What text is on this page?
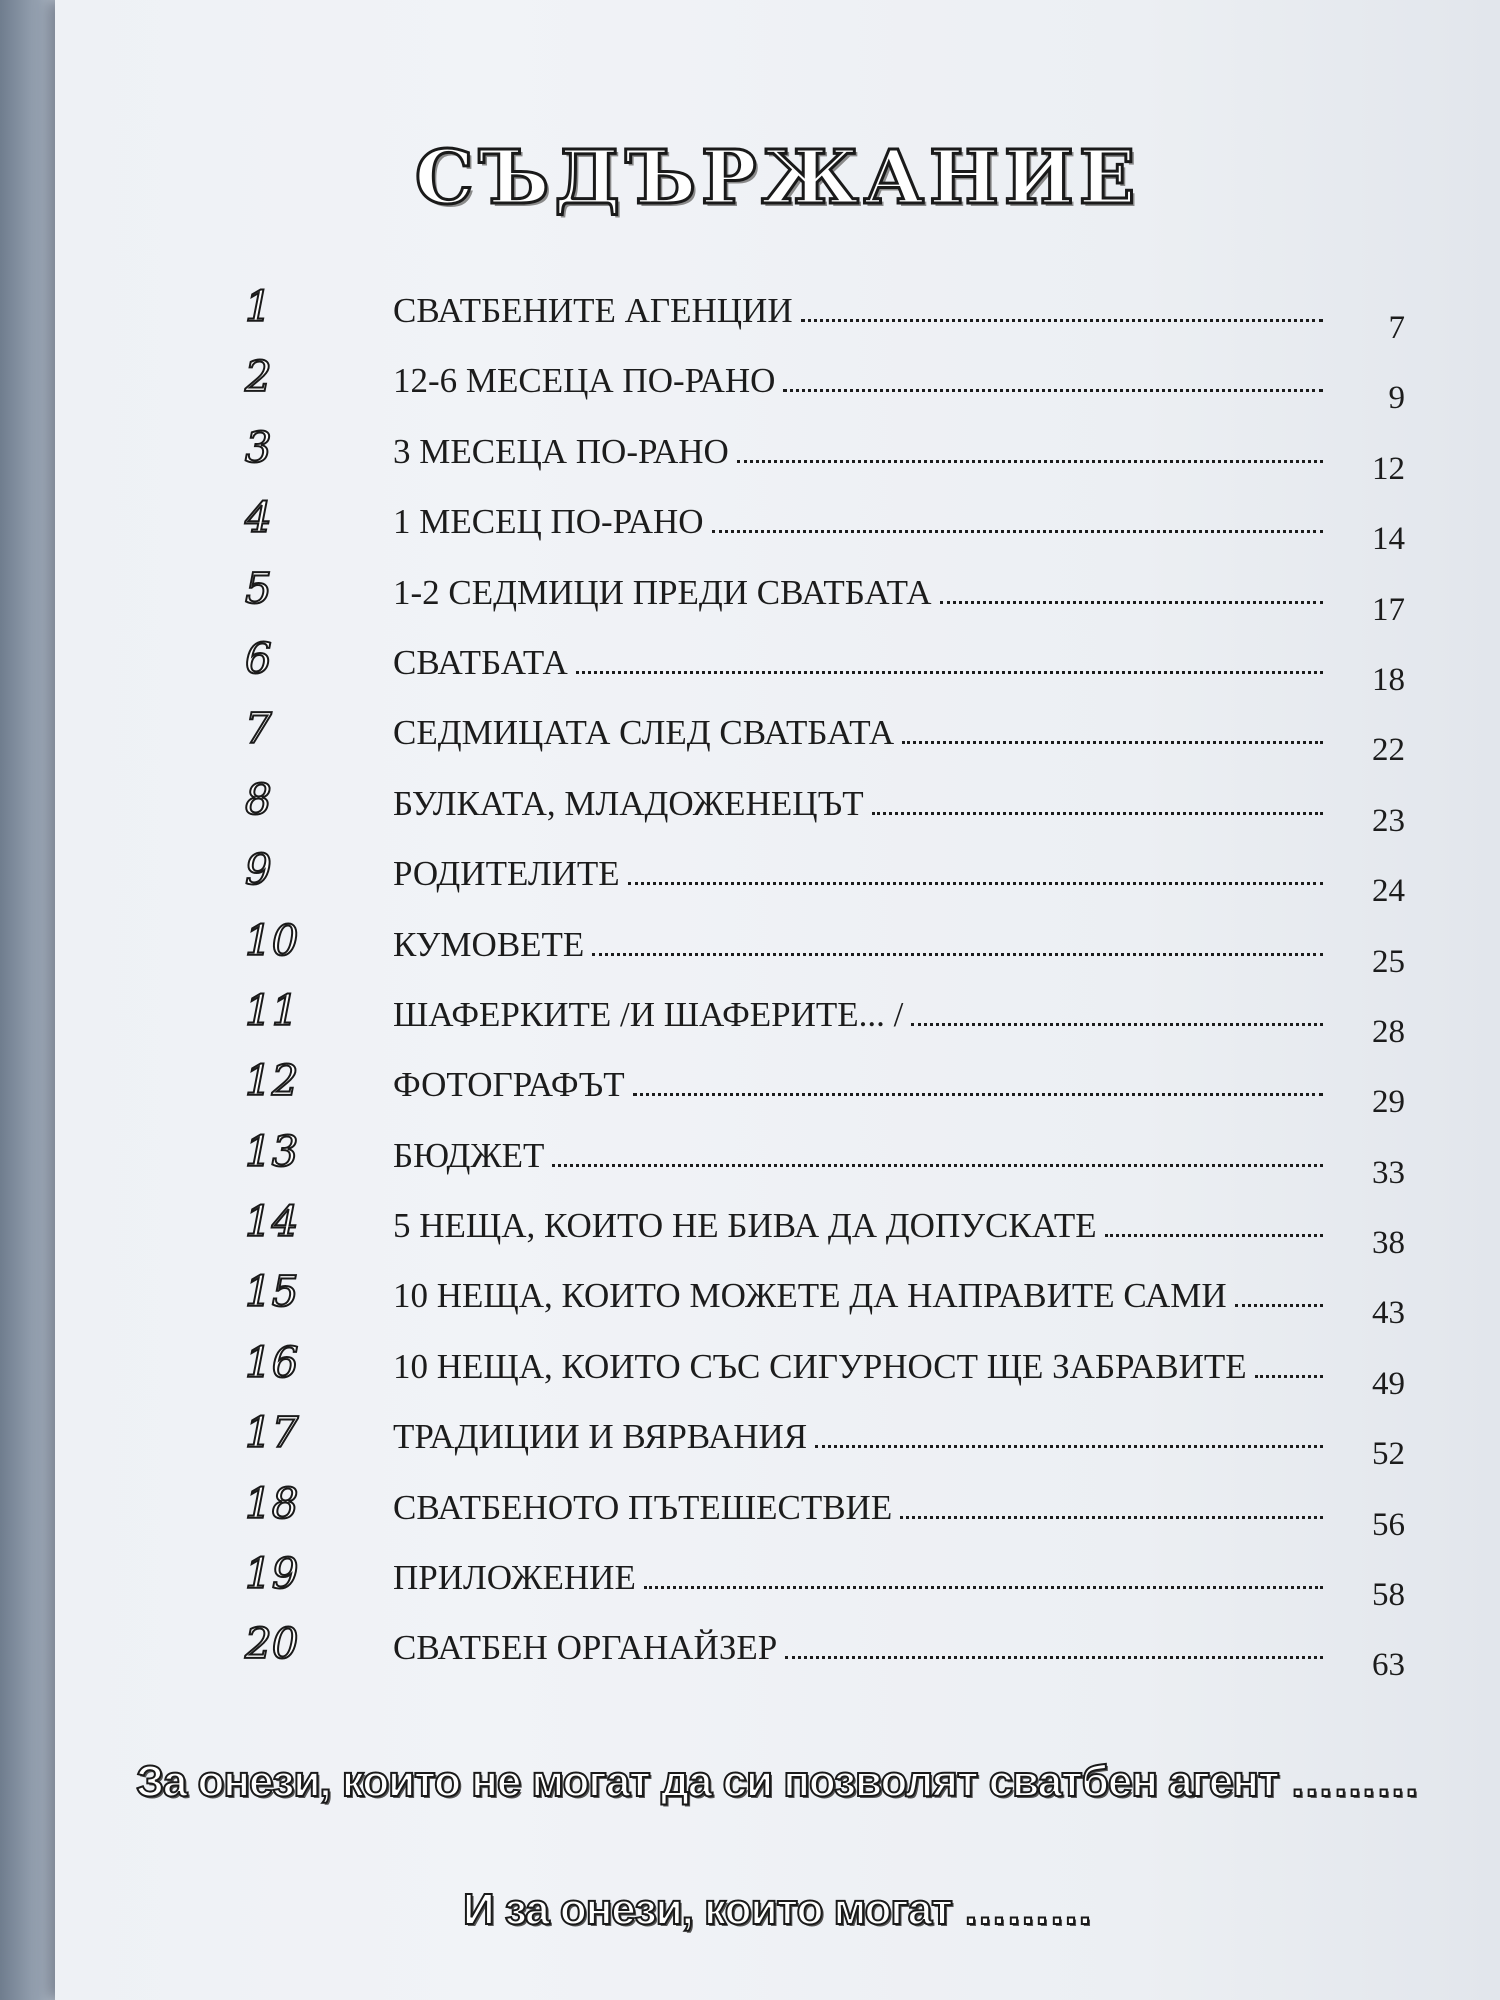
СЪДЪРЖАНИЕ
1	СВАТБЕНИТЕ АГЕНЦИИ	7
2	12-6 МЕСЕЦА ПО-РАНО	9
3	3 МЕСЕЦА ПО-РАНО	12
4	1 МЕСЕЦ ПО-РАНО	14
5	1-2 СЕДМИЦИ ПРЕДИ СВАТБАТА	17
6	СВАТБАТА	18
7	СЕДМИЦАТА СЛЕД СВАТБАТА	22
8	БУЛКАТА, МЛАДОЖЕНЕЦЪТ	23
9	РОДИТЕЛИТЕ	24
10	КУМОВЕТЕ	25
11	ШАФЕРКИТЕ /И ШАФЕРИТЕ... /	28
12	ФОТОГРАФЪТ	29
13	БЮДЖЕТ	33
14	5 НЕЩА, КОИТО НЕ БИВА ДА ДОПУСКАТЕ	38
15	10 НЕЩА, КОИТО МОЖЕТЕ ДА НАПРАВИТЕ САМИ	43
16	10 НЕЩА, КОИТО СЪС СИГУРНОСТ ЩЕ ЗАБРАВИТЕ	49
17	ТРАДИЦИИ И ВЯРВАНИЯ	52
18	СВАТБЕНОТО ПЪТЕШЕСТВИЕ	56
19	ПРИЛОЖЕНИЕ	58
20	СВАТБЕН ОРГАНАЙЗЕР	63
За онези, които не могат да си позволят сватбен агент ………
И за онези, които могат ………
